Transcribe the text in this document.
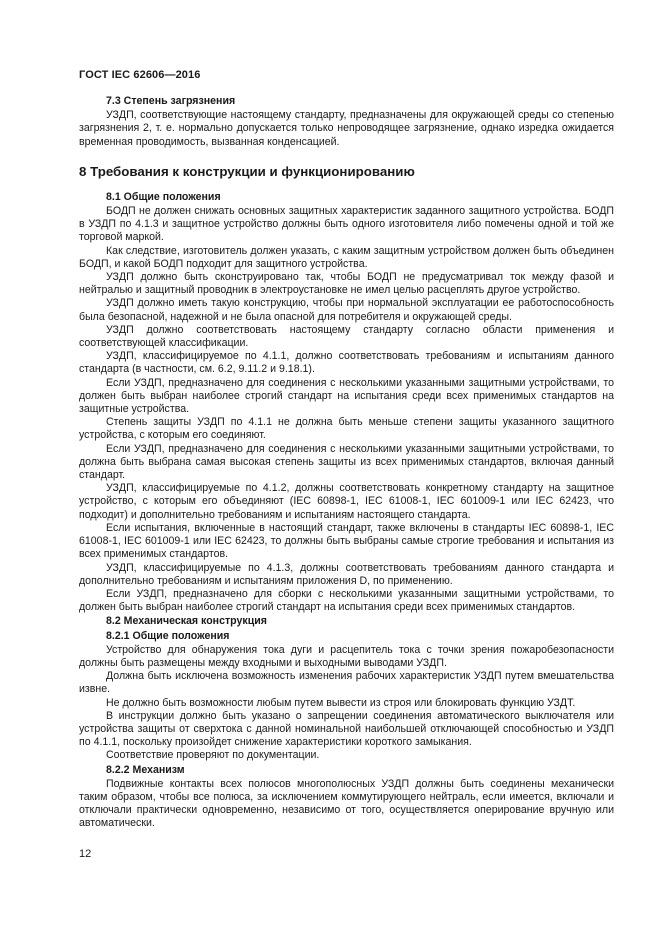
ГОСТ IEC 62606—2016
7.3 Степень загрязнения

УЗДП, соответствующие настоящему стандарту, предназначены для окружающей среды со степенью загрязнения 2, т. е. нормально допускается только непроводящее загрязнение, однако изредка ожидается временная проводимость, вызванная конденсацией.

8 Требования к конструкции и функционированию
8.1 Общие положения

БОДП не должен снижать основных защитных характеристик заданного защитного устройства. БОДП в УЗДП по 4.1.3 и защитное устройство должны быть одного изготовителя либо помечены одной и той же торговой маркой.

Как следствие, изготовитель должен указать, с каким защитным устройством должен быть объединен БОДП, и какой БОДП подходит для защитного устройства.

УЗДП должно быть сконструировано так, чтобы БОДП не предусматривал ток между фазой и нейтралью и защитный проводник в электроустановке не имел целью расцеплять другое устройство.

УЗДП должно иметь такую конструкцию, чтобы при нормальной эксплуатации ее работоспособность была безопасной, надежной и не была опасной для потребителя и окружающей среды.

УЗДП должно соответствовать настоящему стандарту согласно области применения и соответствующей классификации.

УЗДП, классифицируемое по 4.1.1, должно соответствовать требованиям и испытаниям данного стандарта (в частности, см. 6.2, 9.11.2 и 9.18.1).

Если УЗДП, предназначено для соединения с несколькими указанными защитными устройствами, то должен быть выбран наиболее строгий стандарт на испытания среди всех применимых стандартов на защитные устройства.

Степень защиты УЗДП по 4.1.1 не должна быть меньше степени защиты указанного защитного устройства, с которым его соединяют.

Если УЗДП, предназначено для соединения с несколькими указанными защитными устройствами, то должна быть выбрана самая высокая степень защиты из всех применимых стандартов, включая данный стандарт.

УЗДП, классифицируемые по 4.1.2, должны соответствовать конкретному стандарту на защитное устройство, с которым его объединяют (IEC 60898-1, IEC 61008-1, IEC 601009-1 или IEC 62423, что подходит) и дополнительно требованиям и испытаниям настоящего стандарта.

Если испытания, включенные в настоящий стандарт, также включены в стандарты IEC 60898-1, IEC 61008-1, IEC 601009-1 или IEC 62423, то должны быть выбраны самые строгие требования и испытания из всех применимых стандартов.

УЗДП, классифицируемые по 4.1.3, должны соответствовать требованиям данного стандарта и дополнительно требованиям и испытаниям приложения D, по применению.

Если УЗДП, предназначено для сборки с несколькими указанными защитными устройствами, то должен быть выбран наиболее строгий стандарт на испытания среди всех применимых стандартов.

8.2 Механическая конструкция
8.2.1 Общие положения

Устройство для обнаружения тока дуги и расцепитель тока с точки зрения пожаробезопасности должны быть размещены между входными и выходными выводами УЗДП.

Должна быть исключена возможность изменения рабочих характеристик УЗДП путем вмешательства извне.

Не должно быть возможности любым путем вывести из строя или блокировать функцию УЗДТ.

В инструкции должно быть указано о запрещении соединения автоматического выключателя или устройства защиты от сверхтока с данной номинальной наибольшей отключающей способностью и УЗДП по 4.1.1, поскольку произойдет снижение характеристики короткого замыкания.

Соответствие проверяют по документации.

8.2.2 Механизм

Подвижные контакты всех полюсов многополюсных УЗДП должны быть соединены механически таким образом, чтобы все полюса, за исключением коммутирующего нейтраль, если имеется, включали и отключали практически одновременно, независимо от того, осуществляется оперирование вручную или автоматически.

12
